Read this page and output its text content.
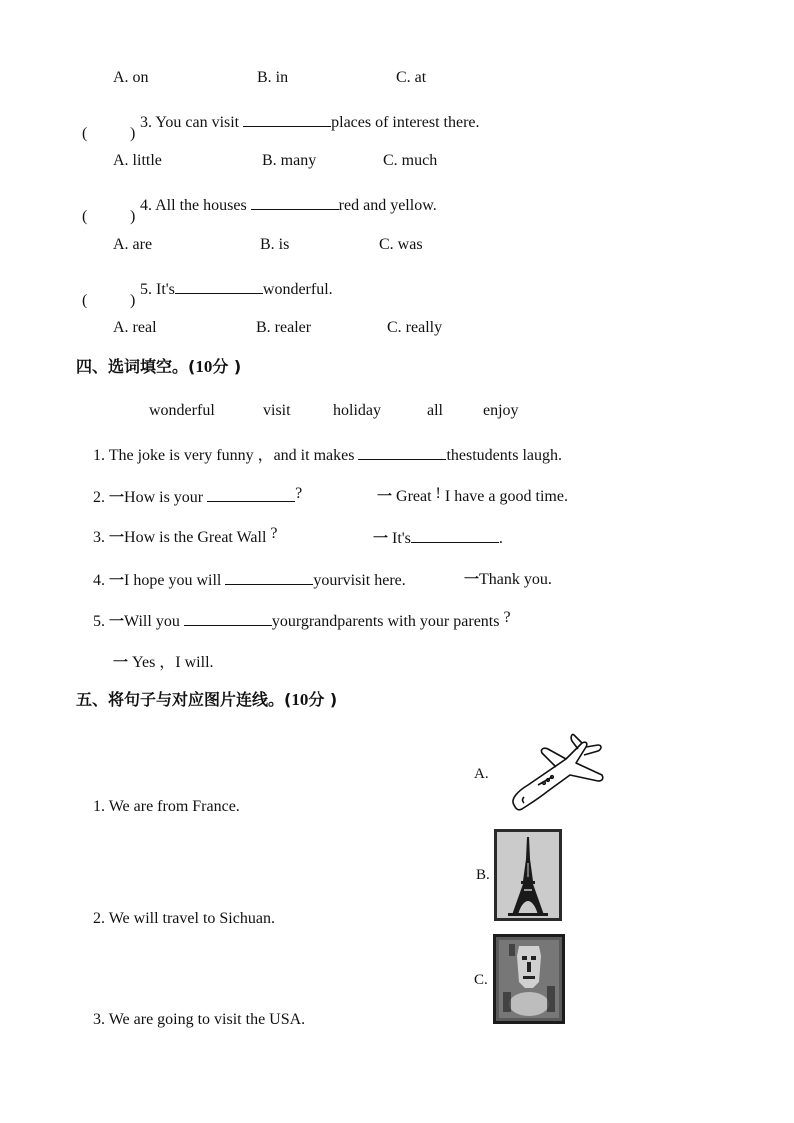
A. on	B. in	C. at
(	)
3. You can visit	places of interest there.
A. little	B. many	C. much
(	)
4. All the houses	red and yellow.
A. are	B. is	C. was
(	)
5. It's	wonderful.
A. real	B. realer	C. really
四、选词填空。(10分 )
wonderful	visit	holiday	all	enjoy
1. The joke is very funny ，and it makes	thestudents laugh.
2. 一How is your	?	一 Great ! I have a good time.
3. 一How is the Great Wall ?	一 It's	.
4. 一I hope you will	yourvisit here.	一Thank you.
5. 一Will you	yourgrandparents with your parents ?
一 Yes ，I will.
五、将句子与对应图片连线。(10分 )
1. We are from France.
2. We will travel to Sichuan.
3. We are going to visit the USA.
A.
B.
C.
